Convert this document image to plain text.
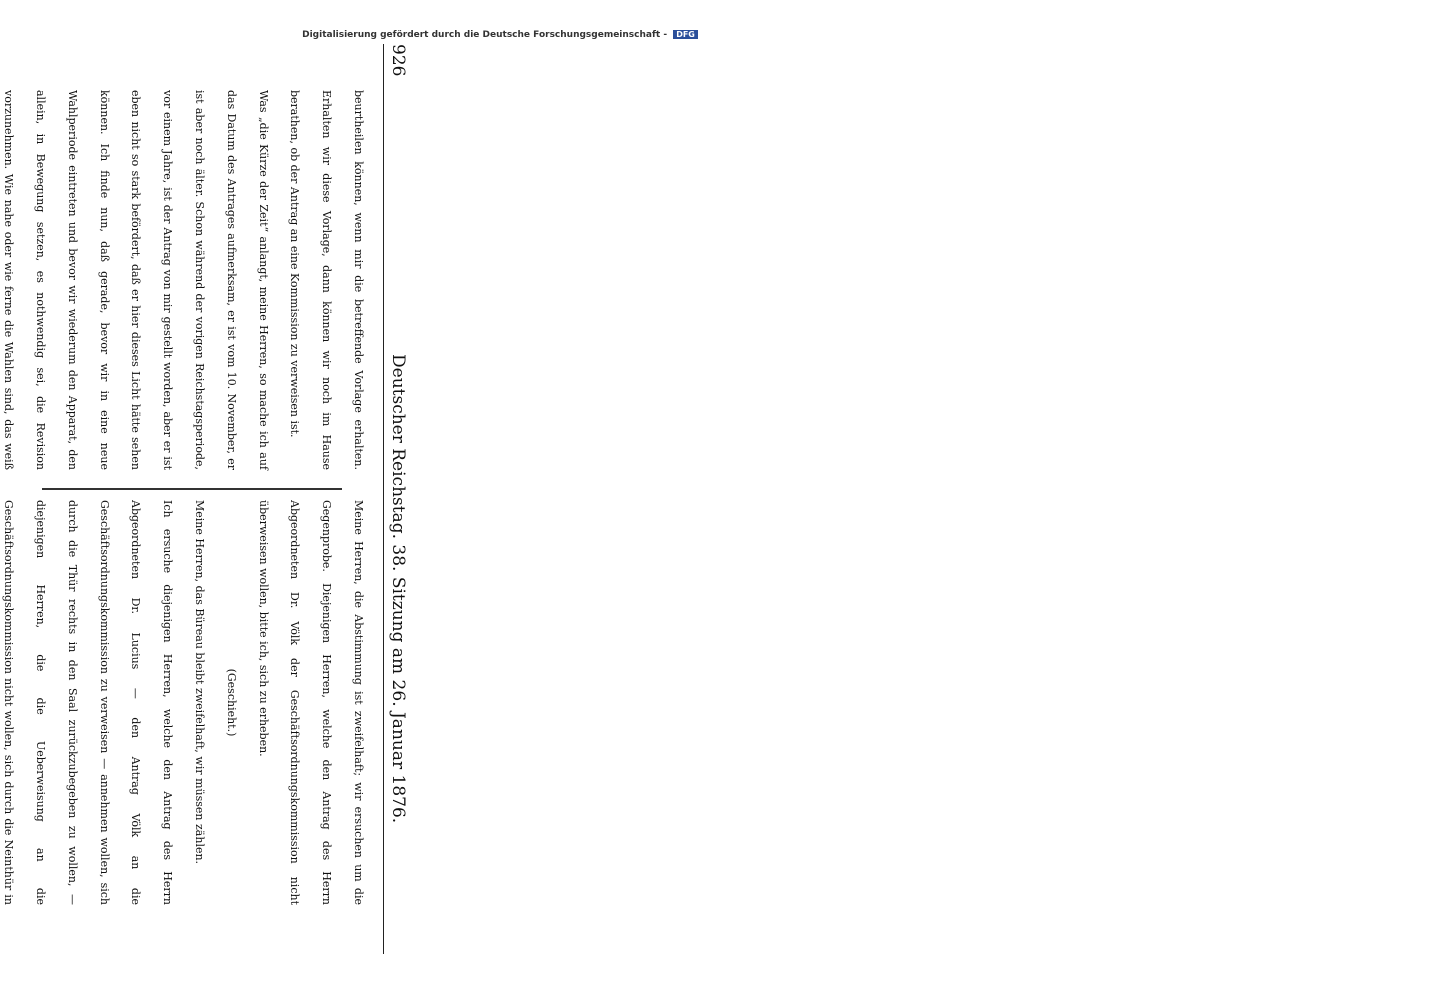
Digitalisierung gefördert durch die Deutsche Forschungsgemeinschaft - DFG
926
Deutscher Reichstag. 38. Sitzung am 26. Januar 1876.

beurtheilen können, wenn mir die betreffende Vorlage erhalten. Erhalten wir diese Vorlage, dann können wir noch im Hause berathen, ob der Antrag an eine Kommission zu verweisen ist.

Was „die Kürze der Zeit“ anlangt, meine Herren, so mache ich auf das Datum des Antrages aufmerksam, er ist vom 10. November, er ist aber noch älter. Schon während der vorigen Reichstagsperiode, vor einem Jahre, ist der Antrag von mir gestellt worden, aber er ist eben nicht so stark befördert, daß er hier dieses Licht hätte sehen können. Ich finde nun, daß gerade, bevor wir in eine neue Wahlperiode eintreten und bevor wir wiederum den Apparat, den allein, in Bewegung setzen, es nothwendig sei, die Revision vorzunehmen. Wie nahe oder wie ferne die Wahlen sind, das weiß

Meine Herren, die Abstimmung ist zweifelhaft; wir ersuchen um die Gegenprobe. Diejenigen Herren, welche den Antrag des Herrn Abgeordneten Dr. Völk der Geschäftsordnungskommission nicht überweisen wollen, bitte ich, sich zu erheben.

(Geschieht.)

Meine Herren, das Büreau bleibt zweifelhaft, wir müssen zählen.

Ich ersuche diejenigen Herren, welche den Antrag des Herrn Abgeordneten Dr. Lucius — den Antrag Völk an die Geschäftsordnungskommission zu verweisen — annehmen wollen, sich durch die Thür rechts in den Saal zurückzubegeben zu wollen, — diejenigen Herren, die die Ueberweisung an die Geschäftsordnungskommission nicht wollen, sich durch die Neinthür in
